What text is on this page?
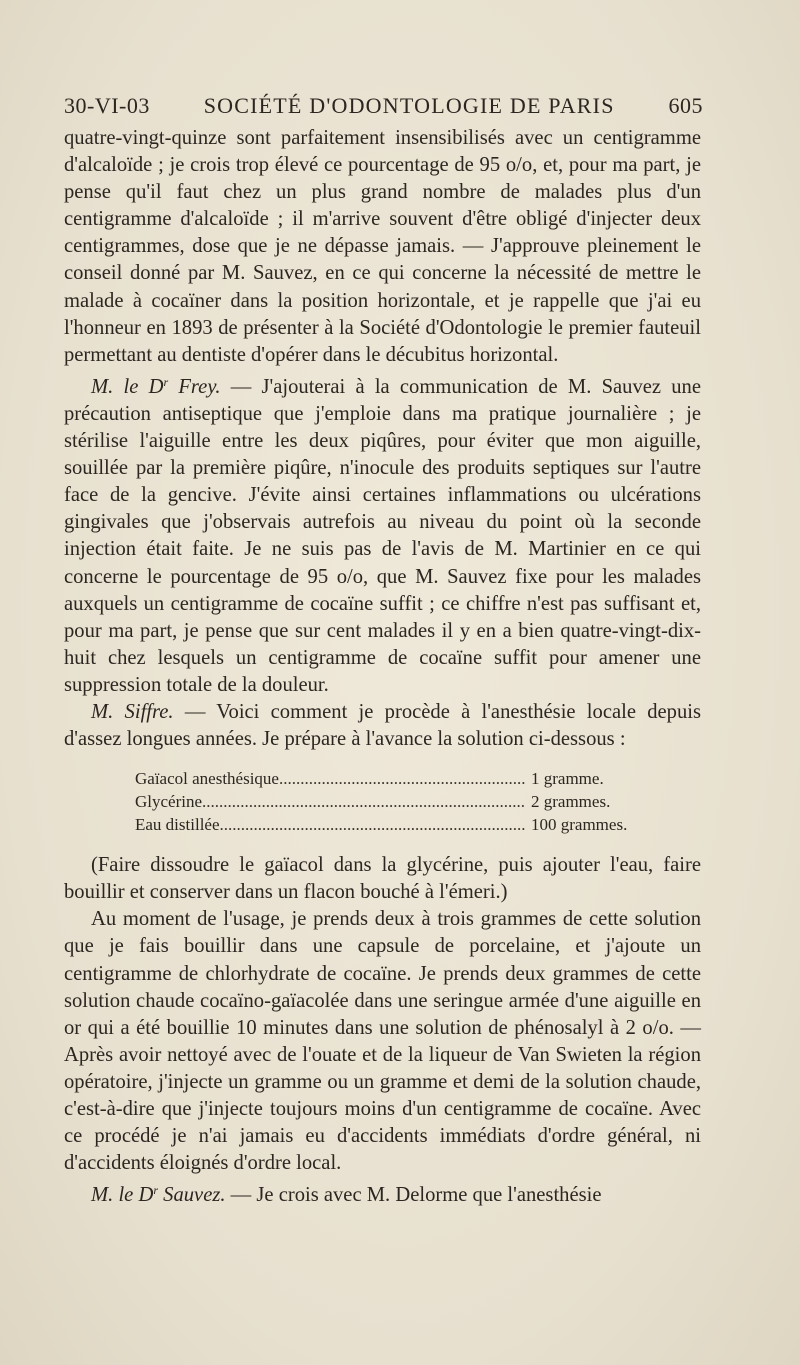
30-VI-03 SOCIÉTÉ D'ODONTOLOGIE DE PARIS 605

quatre-vingt-quinze sont parfaitement insensibilisés avec un centigramme d'alcaloïde ; je crois trop élevé ce pourcentage de 95 o/o, et, pour ma part, je pense qu'il faut chez un plus grand nombre de malades plus d'un centigramme d'alcaloïde ; il m'arrive souvent d'être obligé d'injecter deux centigrammes, dose que je ne dépasse jamais. — J'approuve pleinement le conseil donné par M. Sauvez, en ce qui concerne la nécessité de mettre le malade à cocaïner dans la position horizontale, et je rappelle que j'ai eu l'honneur en 1893 de présenter à la Société d'Odontologie le premier fauteuil permettant au dentiste d'opérer dans le décubitus horizontal.

M. le $D^r$ Frey. — J'ajouterai à la communication de M. Sauvez une précaution antiseptique que j'emploie dans ma pratique journalière ; je stérilise l'aiguille entre les deux piqûres, pour éviter que mon aiguille, souillée par la première piqûre, n'inocule des produits septiques sur l'autre face de la gencive. J'évite ainsi certaines inflammations ou ulcérations gingivales que j'observais autrefois au niveau du point où la seconde injection était faite. Je ne suis pas de l'avis de M. Martinier en ce qui concerne le pourcentage de 95 o/o, que M. Sauvez fixe pour les malades auxquels un centigramme de cocaïne suffit ; ce chiffre n'est pas suffisant et, pour ma part, je pense que sur cent malades il y en a bien quatre-vingt-dix-huit chez lesquels un centigramme de cocaïne suffit pour amener une suppression totale de la douleur.

M. Siffre. — Voici comment je procède à l'anesthésie locale depuis d'assez longues années. Je prépare à l'avance la solution ci-dessous :

Gaïacol anesthésique .....	1 gramme.
Glycérine .....	2 grammes.
Eau distillée .....	100 grammes.

(Faire dissoudre le gaïacol dans la glycérine, puis ajouter l'eau, faire bouillir et conserver dans un flacon bouché à l'émeri.)

Au moment de l'usage, je prends deux à trois grammes de cette solution que je fais bouillir dans une capsule de porcelaine, et j'ajoute un centigramme de chlorhydrate de cocaïne. Je prends deux grammes de cette solution chaude cocaïno-gaïacolée dans une seringue armée d'une aiguille en or qui a été bouillie 10 minutes dans une solution de phénosalyl à 2 o/o. — Après avoir nettoyé avec de l'ouate et de la liqueur de Van Swieten la région opératoire, j'injecte un gramme ou un gramme et demi de la solution chaude, c'est-à-dire que j'injecte toujours moins d'un centigramme de cocaïne. Avec ce procédé je n'ai jamais eu d'accidents immédiats d'ordre général, ni d'accidents éloignés d'ordre local.

M. le $D^r$ Sauvez. — Je crois avec M. Delorme que l'anesthésie
